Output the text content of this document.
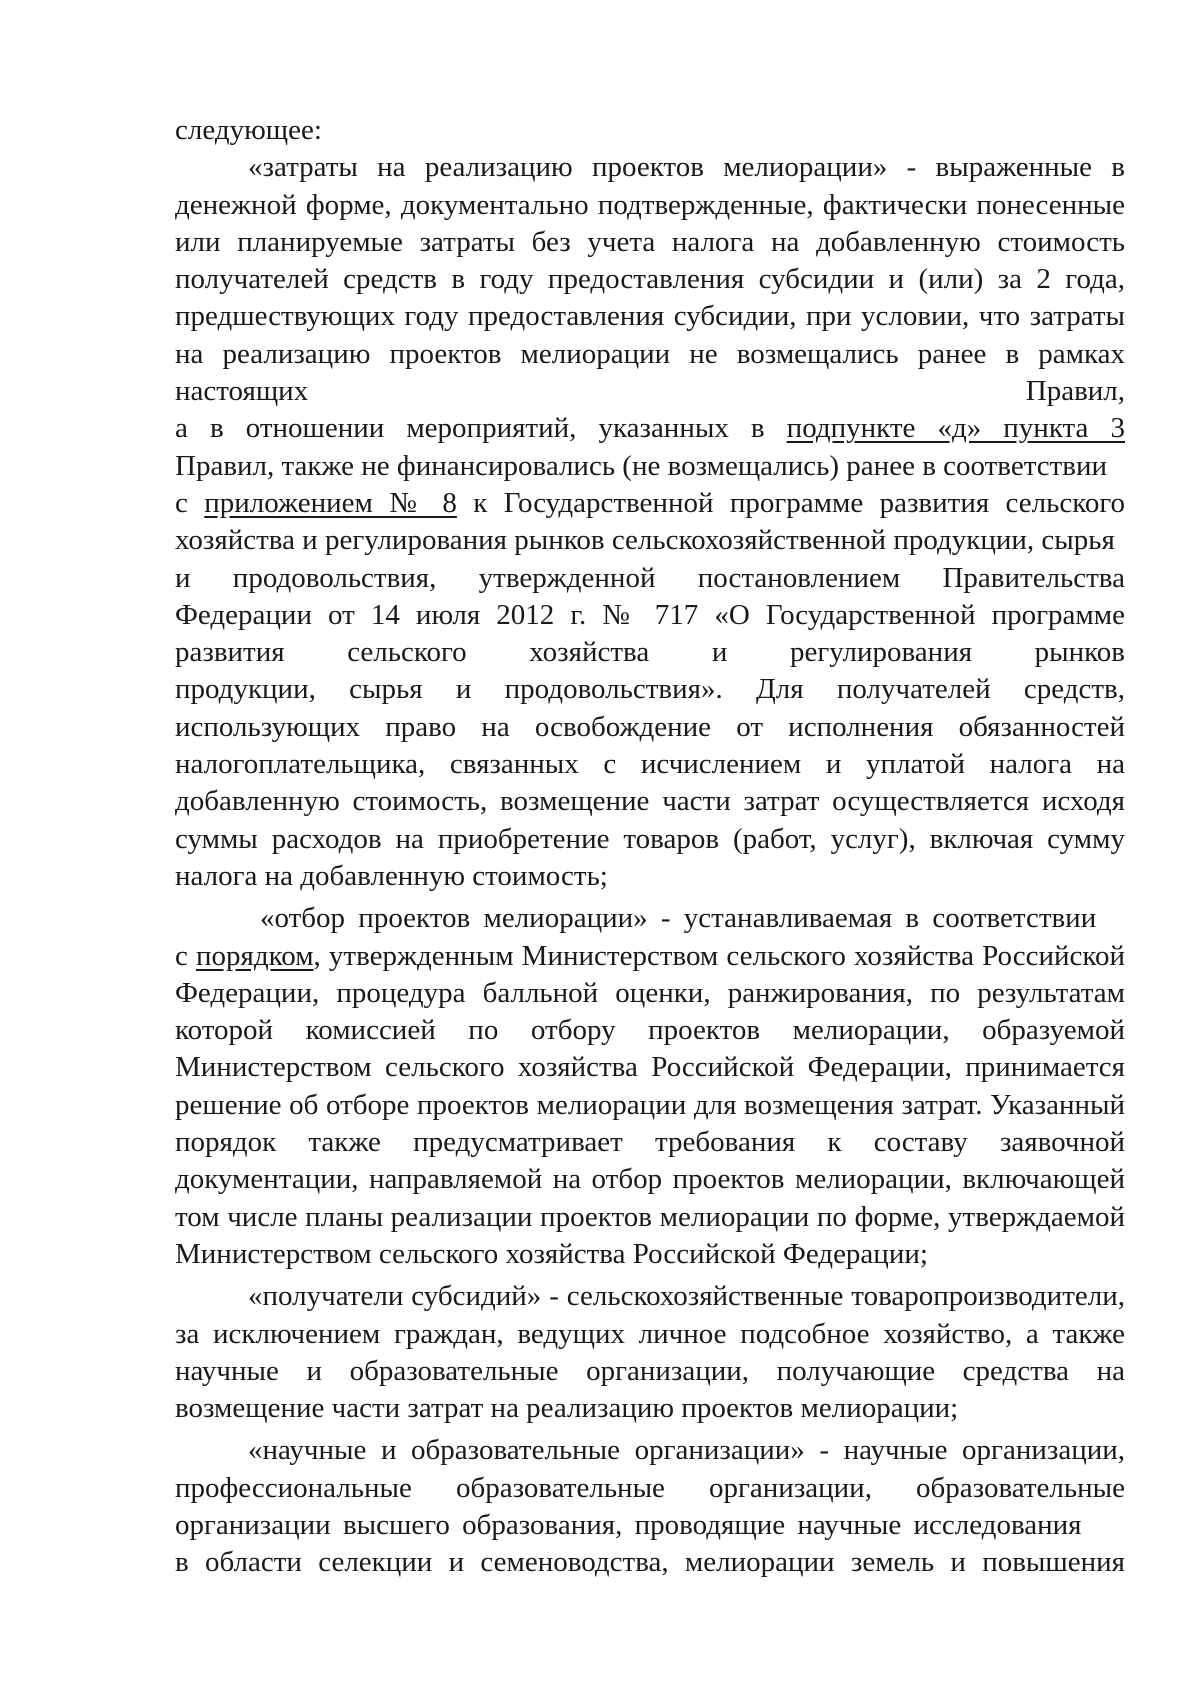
следующее:
«затраты на реализацию проектов мелиорации» - выраженные в
денежной форме, документально подтвержденные, фактически понесенные
или планируемые затраты без учета налога на добавленную стоимость
получателей средств в году предоставления субсидии и (или) за 2 года,
предшествующих году предоставления субсидии, при условии, что затраты
на реализацию проектов мелиорации не возмещались ранее в рамках
настоящих	Правил,
а в отношении мероприятий, указанных в подпункте «д» пункта 3
Правил, также не финансировались (не возмещались) ранее в соответствии
с приложением № 8 к Государственной программе развития сельского
хозяйства и регулирования рынков сельскохозяйственной продукции, сырья
и продовольствия, утвержденной постановлением Правительства
Федерации от 14 июля 2012 г. № 717 «О Государственной программе
развития сельского хозяйства и регулирования рынков
продукции, сырья и продовольствия». Для получателей средств,
использующих право на освобождение от исполнения обязанностей
налогоплательщика, связанных с исчислением и уплатой налога на
добавленную стоимость, возмещение части затрат осуществляется исходя
суммы расходов на приобретение товаров (работ, услуг), включая сумму
налога на добавленную стоимость;
«отбор проектов мелиорации» - устанавливаемая в соответствии
с порядком, утвержденным Министерством сельского хозяйства Российской
Федерации, процедура балльной оценки, ранжирования, по результатам
которой комиссией по отбору проектов мелиорации, образуемой
Министерством сельского хозяйства Российской Федерации, принимается
решение об отборе проектов мелиорации для возмещения затрат. Указанный
порядок также предусматривает требования к составу заявочной
документации, направляемой на отбор проектов мелиорации, включающей
том числе планы реализации проектов мелиорации по форме, утверждаемой
Министерством сельского хозяйства Российской Федерации;
«получатели субсидий» - сельскохозяйственные товаропроизводители,
за исключением граждан, ведущих личное подсобное хозяйство, а также
научные и образовательные организации, получающие средства на
возмещение части затрат на реализацию проектов мелиорации;
«научные и образовательные организации» - научные организации,
профессиональные образовательные организации, образовательные
организации высшего образования, проводящие научные исследования
в области селекции и семеноводства, мелиорации земель и повышения
